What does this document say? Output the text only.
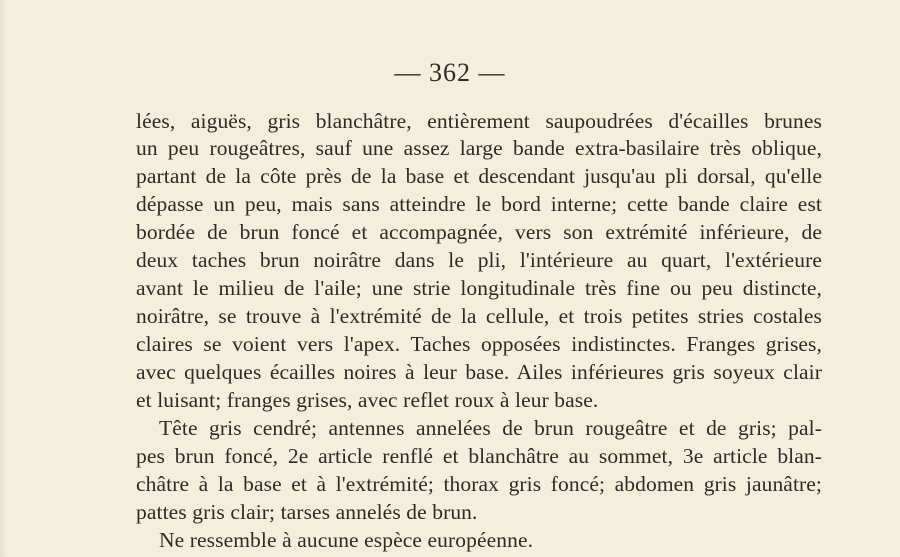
— 362 —
lées, aiguës, gris blanchâtre, entièrement saupoudrées d'écailles brunes
un peu rougeâtres, sauf une assez large bande extra-basilaire très oblique,
partant de la côte près de la base et descendant jusqu'au pli dorsal, qu'elle
dépasse un peu, mais sans atteindre le bord interne; cette bande claire est
bordée de brun foncé et accompagnée, vers son extrémité inférieure, de
deux taches brun noirâtre dans le pli, l'intérieure au quart, l'extérieure
avant le milieu de l'aile; une strie longitudinale très fine ou peu distincte,
noirâtre, se trouve à l'extrémité de la cellule, et trois petites stries costales
claires se voient vers l'apex. Taches opposées indistinctes. Franges grises,
avec quelques écailles noires à leur base. Ailes inférieures gris soyeux clair
et luisant; franges grises, avec reflet roux à leur base.
Tête gris cendré; antennes annelées de brun rougeâtre et de gris; pal-
pes brun foncé, 2e article renflé et blanchâtre au sommet, 3e article blan-
châtre à la base et à l'extrémité; thorax gris foncé; abdomen gris jaunâtre;
pattes gris clair; tarses annelés de brun.
Ne ressemble à aucune espèce européenne.
